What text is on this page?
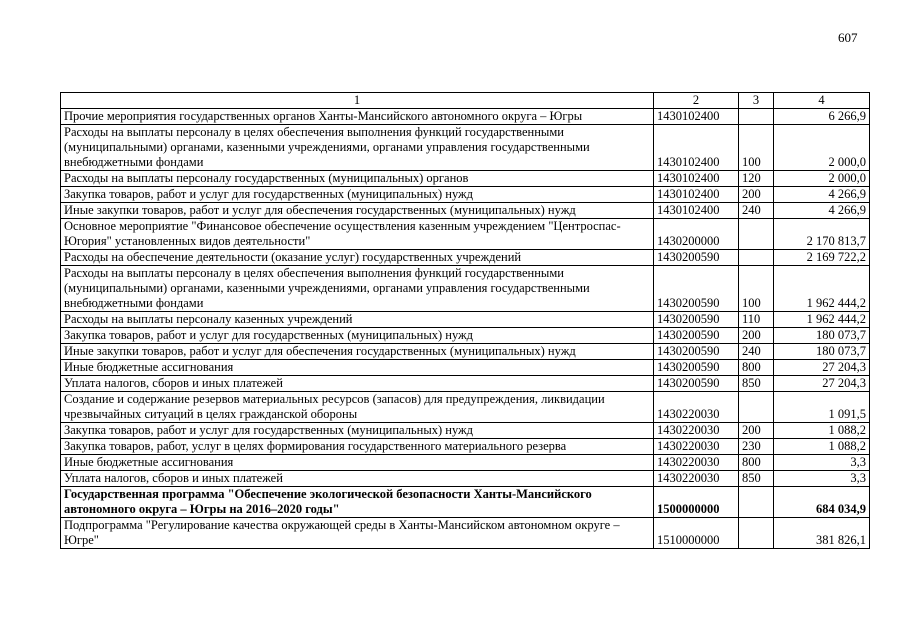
607
1	2	3	4
Прочие мероприятия государственных органов Ханты-Мансийского автономного округа – Югры	1430102400		6 266,9
Расходы на выплаты персоналу в целях обеспечения выполнения функций государственными (муниципальными) органами, казенными учреждениями, органами управления государственными внебюджетными фондами	1430102400	100	2 000,0
Расходы на выплаты персоналу государственных (муниципальных) органов	1430102400	120	2 000,0
Закупка товаров, работ и услуг для государственных (муниципальных) нужд	1430102400	200	4 266,9
Иные закупки товаров, работ и услуг для обеспечения государственных (муниципальных) нужд	1430102400	240	4 266,9
Основное мероприятие "Финансовое обеспечение осуществления казенным учреждением "Центроспас-Югория" установленных видов деятельности"	1430200000		2 170 813,7
Расходы на обеспечение деятельности (оказание услуг) государственных учреждений	1430200590		2 169 722,2
Расходы на выплаты персоналу в целях обеспечения выполнения функций государственными (муниципальными) органами, казенными учреждениями, органами управления государственными внебюджетными фондами	1430200590	100	1 962 444,2
Расходы на выплаты персоналу казенных учреждений	1430200590	110	1 962 444,2
Закупка товаров, работ и услуг для государственных (муниципальных) нужд	1430200590	200	180 073,7
Иные закупки товаров, работ и услуг для обеспечения государственных (муниципальных) нужд	1430200590	240	180 073,7
Иные бюджетные ассигнования	1430200590	800	27 204,3
Уплата налогов, сборов и иных платежей	1430200590	850	27 204,3
Создание и содержание резервов материальных ресурсов (запасов) для предупреждения, ликвидации чрезвычайных ситуаций в целях гражданской обороны	1430220030		1 091,5
Закупка товаров, работ и услуг для государственных (муниципальных) нужд	1430220030	200	1 088,2
Закупка товаров, работ, услуг в целях формирования государственного материального резерва	1430220030	230	1 088,2
Иные бюджетные ассигнования	1430220030	800	3,3
Уплата налогов, сборов и иных платежей	1430220030	850	3,3
Государственная программа "Обеспечение экологической безопасности Ханты-Мансийского автономного округа – Югры на 2016–2020 годы"	1500000000		684 034,9
Подпрограмма "Регулирование качества окружающей среды в Ханты-Мансийском автономном округе – Югре"	1510000000		381 826,1
